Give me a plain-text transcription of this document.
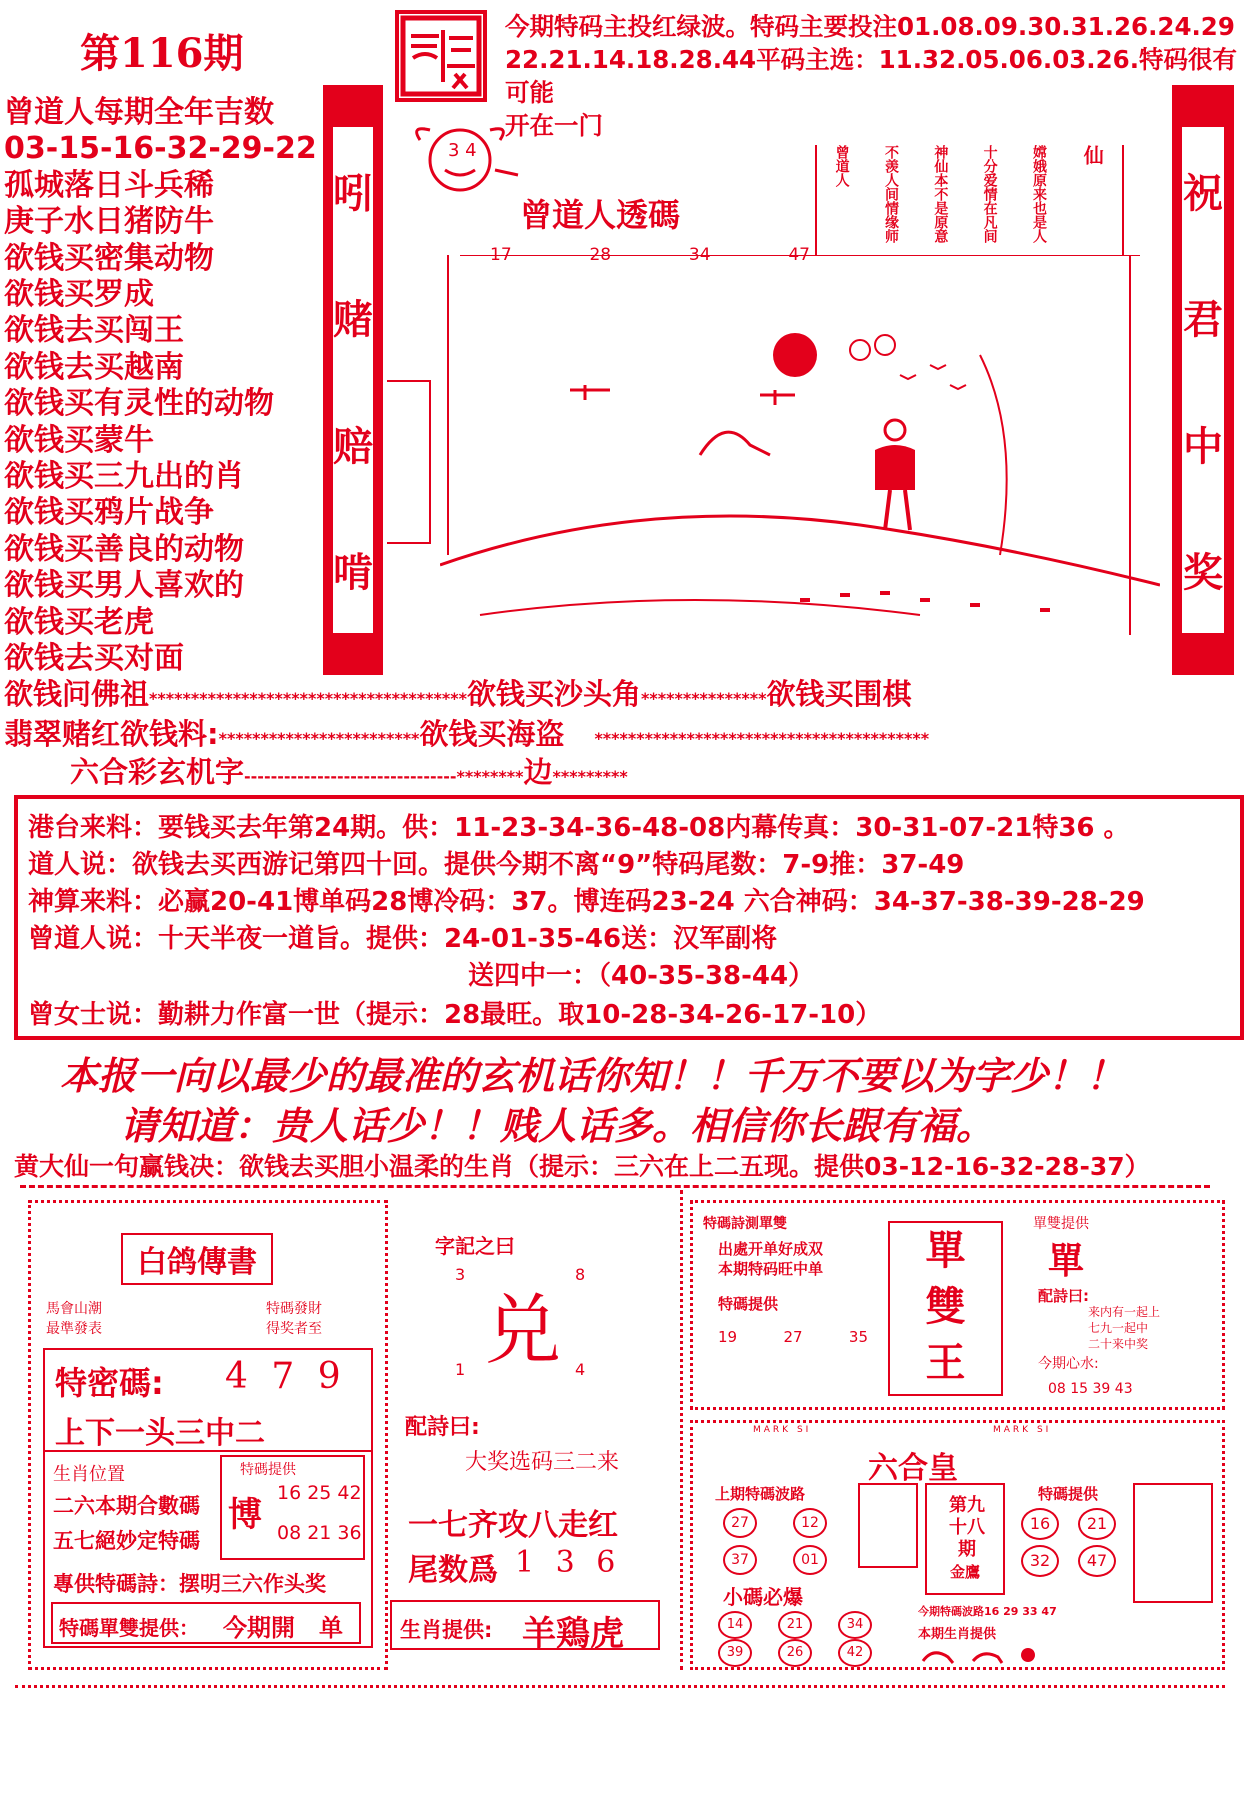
第116期
曾道人每期全年吉数
03-15-16-32-29-22
孤城落日斗兵稀
庚子水日猪防牛
欲钱买密集动物
欲钱买罗成
欲钱去买闯王
欲钱去买越南
欲钱买有灵性的动物
欲钱买蒙牛
欲钱买三九出的肖
欲钱买鸦片战争
欲钱买善良的动物
欲钱买男人喜欢的
欲钱买老虎
欲钱去买对面
今期特码主投红绿波。特码主要投注01.08.09.30.31.26.24.29
22.21.14.18.28.44平码主选：11.32.05.06.03.26.特码很有可能
开在一门
吲
赌
赔
啃
祝
君
中
奖
曾道人透碼
17	28	34	47
3 4	仙
嫦娥原来也是人
十分爱情在凡间
神仙本不是原意
不羡人间情缘师
曾道人
欲钱问佛祖**************************************欲钱买沙头角***************欲钱买围棋
翡翠赌红欲钱料:************************欲钱买海盗 ****************************************
六合彩玄机字--------------------------------********边*********
港台来料：要钱买去年第24期。供：11-23-34-36-48-08内幕传真：30-31-07-21特36 。
道人说：欲钱去买西游记第四十回。提供今期不离“9”特码尾数：7-9推：37-49
神算来料：必赢20-41博单码28博冷码：37。博连码23-24 六合神码：34-37-38-39-28-29
曾道人说：十天半夜一道旨。提供：24-01-35-46送：汉军副将
送四中一：（40-35-38-44）
曾女士说：勤耕力作富一世（提示：28最旺。取10-28-34-26-17-10）
本报一向以最少的最准的玄机话你知！！千万不要以为字少！！
请知道：贵人话少！！贱人话多。相信你长跟有福。
黄大仙一句赢钱决：欲钱去买胆小温柔的生肖（提示：三六在上二五现。提供03-12-16-32-28-37）
白鸽傳書
馬會山潮 最準發表
特碼發財 得奖者至
特密碼: 4 7 9
上下一头三中二
生肖位置
二六本期合數碼
五七絕妙定特碼
特碼提供
博
16 25 42
08 21 36
專供特碼詩：摆明三六作头奖
特碼單雙提供： 今期開　单
字記之曰
3	8
兑
1	4
配詩曰:
大奖选码三二来
一七齐攻八走红
尾数爲 1 3 6
生肖提供: 羊鶏虎
特碼詩測單雙
出處开单好成双
本期特码旺中单
特碼提供
19	27	35
單
雙
王
單雙提供
單
配詩曰:
来内有一起上
七九一起中
二十来中奖
今期心水:
08 15 39 43
MARK SI	MARK SI
六合皇
上期特碼波路
27	12
37	01
小碼必爆
14	21	34
39	26	42
第九十八期
金鷹
特碼提供
16	21
32	47
今期特碼波路16 29 33 47
本期生肖提供
